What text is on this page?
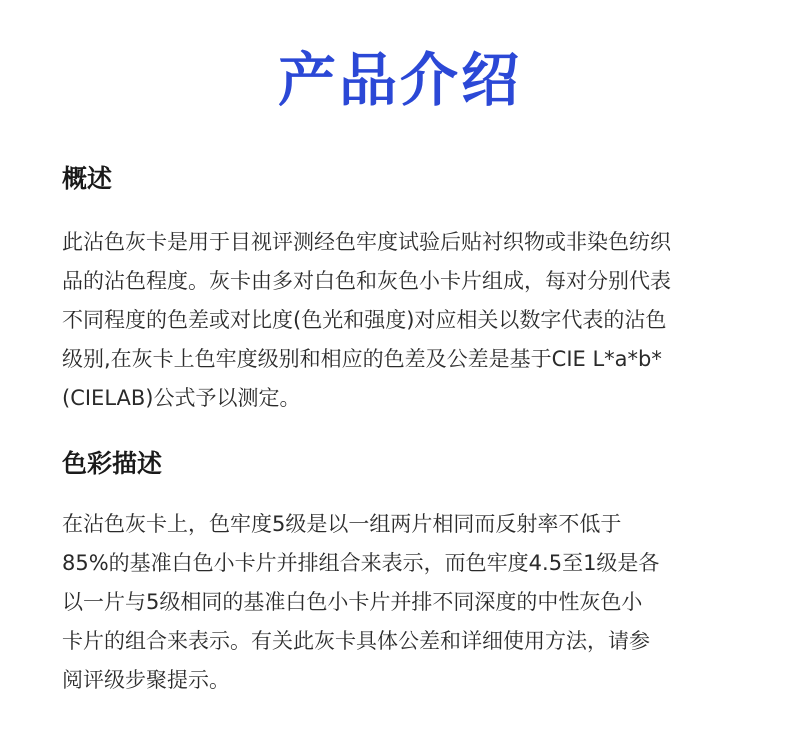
产品介绍
概述
此沾色灰卡是用于目视评测经色牢度试验后贴衬织物或非染色纺织
品的沾色程度。灰卡由多对白色和灰色小卡片组成，每对分别代表
不同程度的色差或对比度(色光和强度)对应相关以数字代表的沾色
级别,在灰卡上色牢度级别和相应的色差及公差是基于CIE L*a*b*
(CIELAB)公式予以测定。
色彩描述
在沾色灰卡上，色牢度5级是以一组两片相同而反射率不低于
85%的基准白色小卡片并排组合来表示，而色牢度4.5至1级是各
以一片与5级相同的基准白色小卡片并排不同深度的中性灰色小
卡片的组合来表示。有关此灰卡具体公差和详细使用方法，请参
阅评级步聚提示。
